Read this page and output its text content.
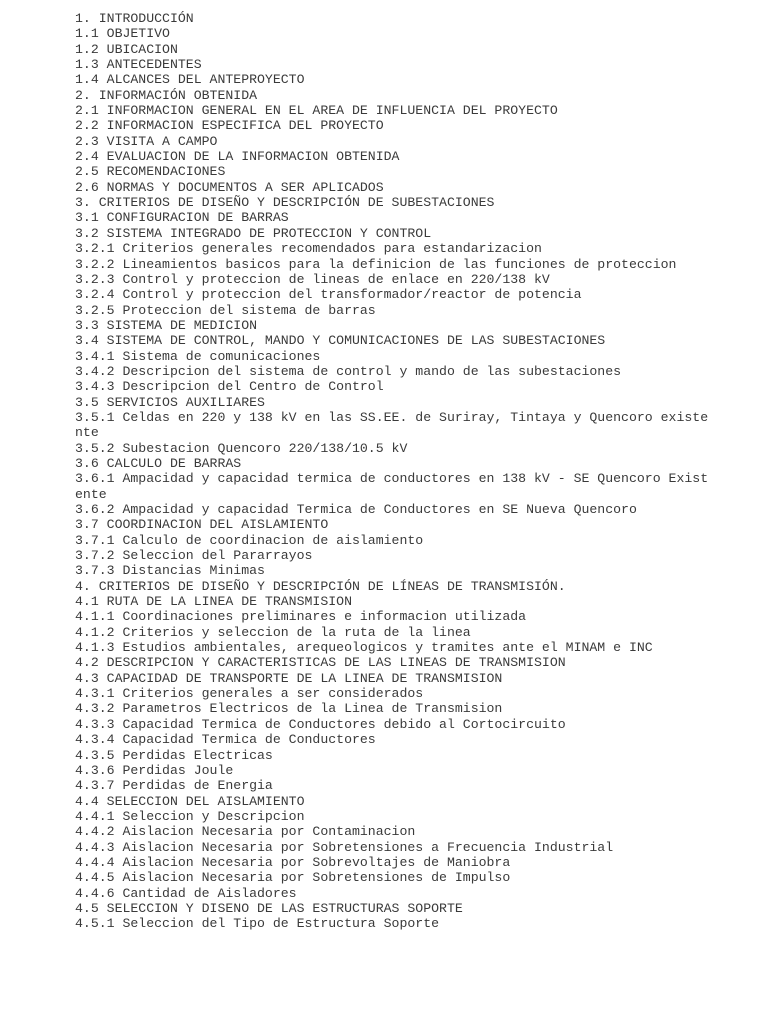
1. INTRODUCCIÓN
1.1 OBJETIVO
1.2 UBICACION
1.3 ANTECEDENTES
1.4 ALCANCES DEL ANTEPROYECTO
2. INFORMACIÓN OBTENIDA
2.1 INFORMACION GENERAL EN EL AREA DE INFLUENCIA DEL PROYECTO
2.2 INFORMACION ESPECIFICA DEL PROYECTO
2.3 VISITA A CAMPO
2.4 EVALUACION DE LA INFORMACION OBTENIDA
2.5 RECOMENDACIONES
2.6 NORMAS Y DOCUMENTOS A SER APLICADOS
3. CRITERIOS DE DISEÑO Y DESCRIPCIÓN DE SUBESTACIONES
3.1 CONFIGURACION DE BARRAS
3.2 SISTEMA INTEGRADO DE PROTECCION Y CONTROL
3.2.1 Criterios generales recomendados para estandarizacion
3.2.2 Lineamientos basicos para la definicion de las funciones de proteccion
3.2.3 Control y proteccion de lineas de enlace en 220/138 kV
3.2.4 Control y proteccion del transformador/reactor de potencia
3.2.5 Proteccion del sistema de barras
3.3 SISTEMA DE MEDICION
3.4 SISTEMA DE CONTROL, MANDO Y COMUNICACIONES DE LAS SUBESTACIONES
3.4.1 Sistema de comunicaciones
3.4.2 Descripcion del sistema de control y mando de las subestaciones
3.4.3 Descripcion del Centro de Control
3.5 SERVICIOS AUXILIARES
3.5.1 Celdas en 220 y 138 kV en las SS.EE. de Suriray, Tintaya y Quencoro existe
nte
3.5.2 Subestacion Quencoro 220/138/10.5 kV
3.6 CALCULO DE BARRAS
3.6.1 Ampacidad y capacidad termica de conductores en 138 kV - SE Quencoro Exist
ente
3.6.2 Ampacidad y capacidad Termica de Conductores en SE Nueva Quencoro
3.7 COORDINACION DEL AISLAMIENTO
3.7.1 Calculo de coordinacion de aislamiento
3.7.2 Seleccion del Pararrayos
3.7.3 Distancias Minimas
4. CRITERIOS DE DISEÑO Y DESCRIPCIÓN DE LÍNEAS DE TRANSMISIÓN.
4.1 RUTA DE LA LINEA DE TRANSMISION
4.1.1 Coordinaciones preliminares e informacion utilizada
4.1.2 Criterios y seleccion de la ruta de la linea
4.1.3 Estudios ambientales, arequeologicos y tramites ante el MINAM e INC
4.2 DESCRIPCION Y CARACTERISTICAS DE LAS LINEAS DE TRANSMISION
4.3 CAPACIDAD DE TRANSPORTE DE LA LINEA DE TRANSMISION
4.3.1 Criterios generales a ser considerados
4.3.2 Parametros Electricos de la Linea de Transmision
4.3.3 Capacidad Termica de Conductores debido al Cortocircuito
4.3.4 Capacidad Termica de Conductores
4.3.5 Perdidas Electricas
4.3.6 Perdidas Joule
4.3.7 Perdidas de Energia
4.4 SELECCION DEL AISLAMIENTO
4.4.1 Seleccion y Descripcion
4.4.2 Aislacion Necesaria por Contaminacion
4.4.3 Aislacion Necesaria por Sobretensiones a Frecuencia Industrial
4.4.4 Aislacion Necesaria por Sobrevoltajes de Maniobra
4.4.5 Aislacion Necesaria por Sobretensiones de Impulso
4.4.6 Cantidad de Aisladores
4.5 SELECCION Y DISENO DE LAS ESTRUCTURAS SOPORTE
4.5.1 Seleccion del Tipo de Estructura Soporte
